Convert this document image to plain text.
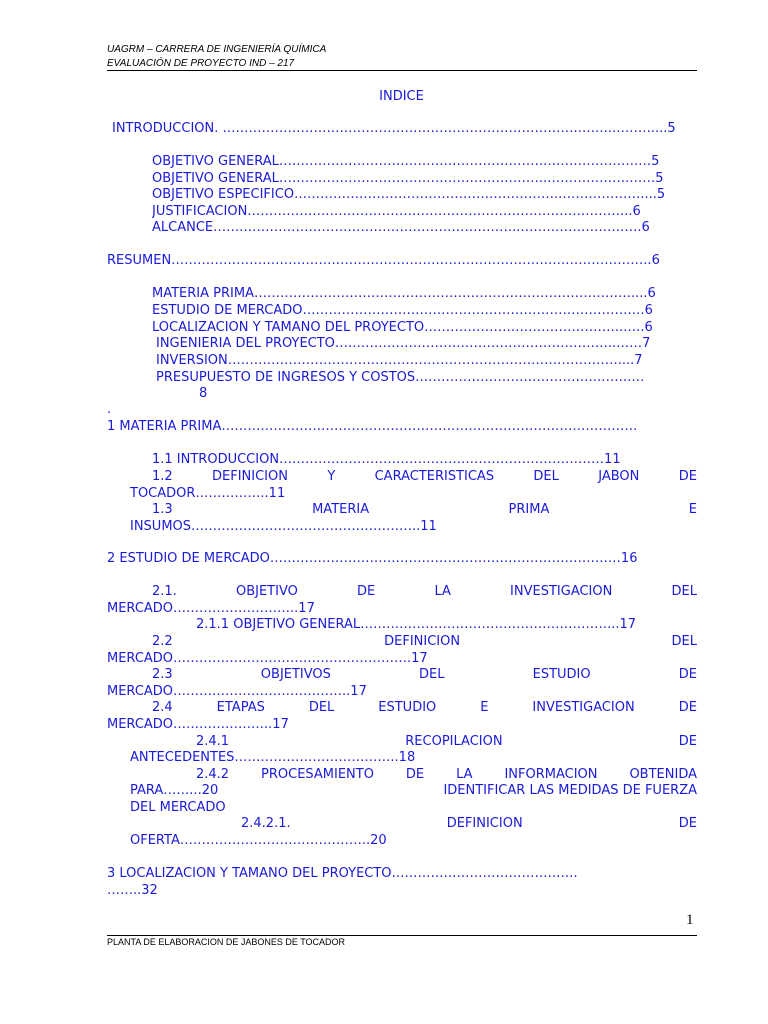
UAGRM – CARRERA DE INGENIERÍA QUÍMICA
EVALUACIÓN DE PROYECTO IND – 217
INDICE
INTRODUCCION. ……………………………………………………………………….……..………....5
OBJETIVO GENERAL…………………………………………………….………………….…5
OBJETIVO GENERAL……………………………………………………..……………….……5
OBJETIVO ESPECIFICO……………………………………………………..………………....5
JUSTIFICACION……………………………………………………………………………..6
ALCANCE……………………………………………………………..……………………….6
RESUMEN…………………………………………………………………………….…………………..6
MATERIA PRIMA……………………………………………………………………………....6
ESTUDIO DE MERCADO………………………………………………………………….…6
LOCALIZACIÓN Y TAMAÑO DEL PROYECTO………………………………………..….6
INGENIERIA DEL PROYECTO………………………………………………………..……7
INVERSIÓN………………………………………………………………………………....7
PRESUPUESTO DE INGRESOS Y COSTOS…………………………………….…….…
8
.
1 MATERIA PRIMA……………………………………………………………………………………
1.1 INTRODUCCION…………………………………………………………………11
1.2	DEFINICION	Y	CARACTERISTICAS	DEL	JABON	DE
TOCADOR……………..11
1.3	MATERIA	PRIMA	E
INSUMOS……………………………………………..11
2 ESTUDIO DE MERCADO………………………………………………………………………16
2.1.	OBJETIVO	DE	LA	INVESTIGACION	DEL
MERCADO………………………..17
2.1.1 OBJETIVO GENERAL…………………………………………………...17
2.2	DEFINICION	DEL
MERCADO……………………………………………….17
2.3	OBJETIVOS	DEL	ESTUDIO	DE
MERCADO…………………………………..17
2.4	ETAPAS	DEL	ESTUDIO	E	INVESTIGACION	DE
MERCADO…………………..17
2.4.1	RECOPILACION	DE
ANTECEDENTES………………………………..18
2.4.2 PROCESAMIENTO DE LA INFORMACION OBTENIDA
PARA……...20	IDENTIFICAR LAS MEDIDAS DE FUERZA
DEL MERCADO
2.4.2.1.	DEFINICION	DE
OFERTA……………………………………..20
3 LOCALIZACIÓN Y TAMAÑO DEL PROYECTO…………………………………….
……..32
1
PLANTA DE ELABORACION DE JABONES DE TOCADOR
